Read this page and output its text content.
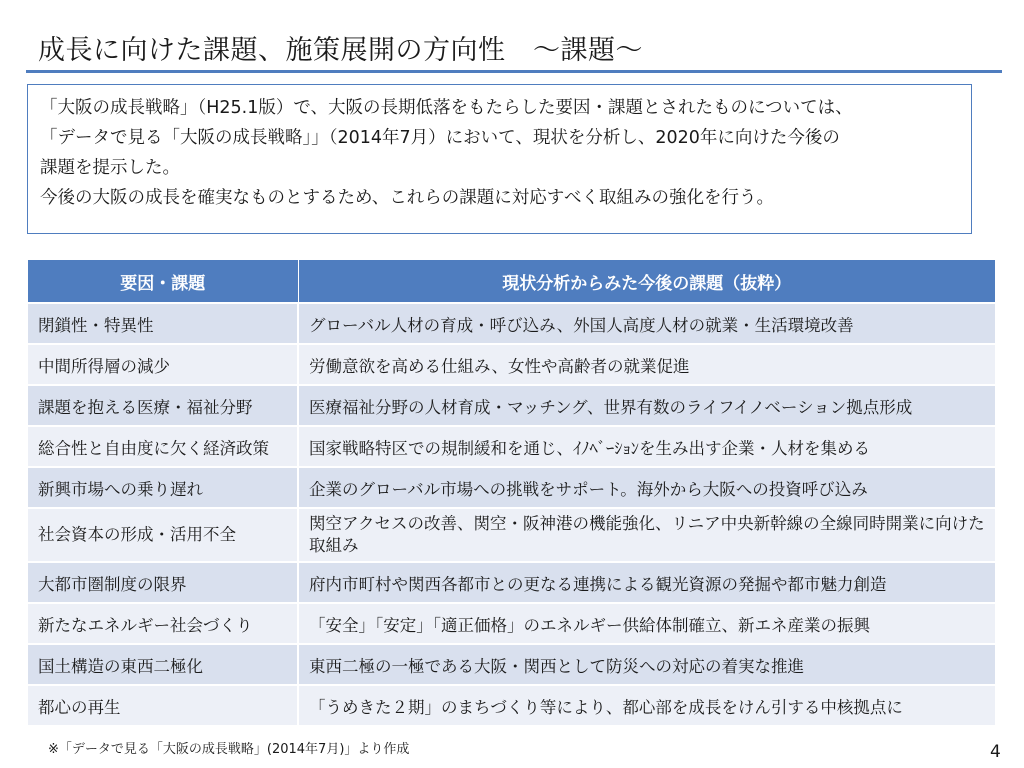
成長に向けた課題、施策展開の方向性　～課題～
「大阪の成長戦略」（H25.1版）で、大阪の長期低落をもたらした要因・課題とされたものについては、
「データで見る「大阪の成長戦略」」（2014年7月）において、現状を分析し、2020年に向けた今後の
課題を提示した。
今後の大阪の成長を確実なものとするため、これらの課題に対応すべく取組みの強化を行う。
要因・課題	現状分析からみた今後の課題（抜粋）
閉鎖性・特異性	グローバル人材の育成・呼び込み、外国人高度人材の就業・生活環境改善
中間所得層の減少	労働意欲を高める仕組み、女性や高齢者の就業促進
課題を抱える医療・福祉分野	医療福祉分野の人材育成・マッチング、世界有数のライフイノベーション拠点形成
総合性と自由度に欠く経済政策	国家戦略特区での規制緩和を通じ、ｲﾉﾍﾞｰｼｮﾝを生み出す企業・人材を集める
新興市場への乗り遅れ	企業のグローバル市場への挑戦をサポート。海外から大阪への投資呼び込み
社会資本の形成・活用不全	関空アクセスの改善、関空・阪神港の機能強化、リニア中央新幹線の全線同時開業に向けた取組み
大都市圏制度の限界	府内市町村や関西各都市との更なる連携による観光資源の発掘や都市魅力創造
新たなエネルギー社会づくり	「安全」「安定」「適正価格」のエネルギー供給体制確立、新エネ産業の振興
国土構造の東西二極化	東西二極の一極である大阪・関西として防災への対応の着実な推進
都心の再生	「うめきた２期」のまちづくり等により、都心部を成長をけん引する中核拠点に
※「データで見る「大阪の成長戦略」(2014年7月)」より作成	4
